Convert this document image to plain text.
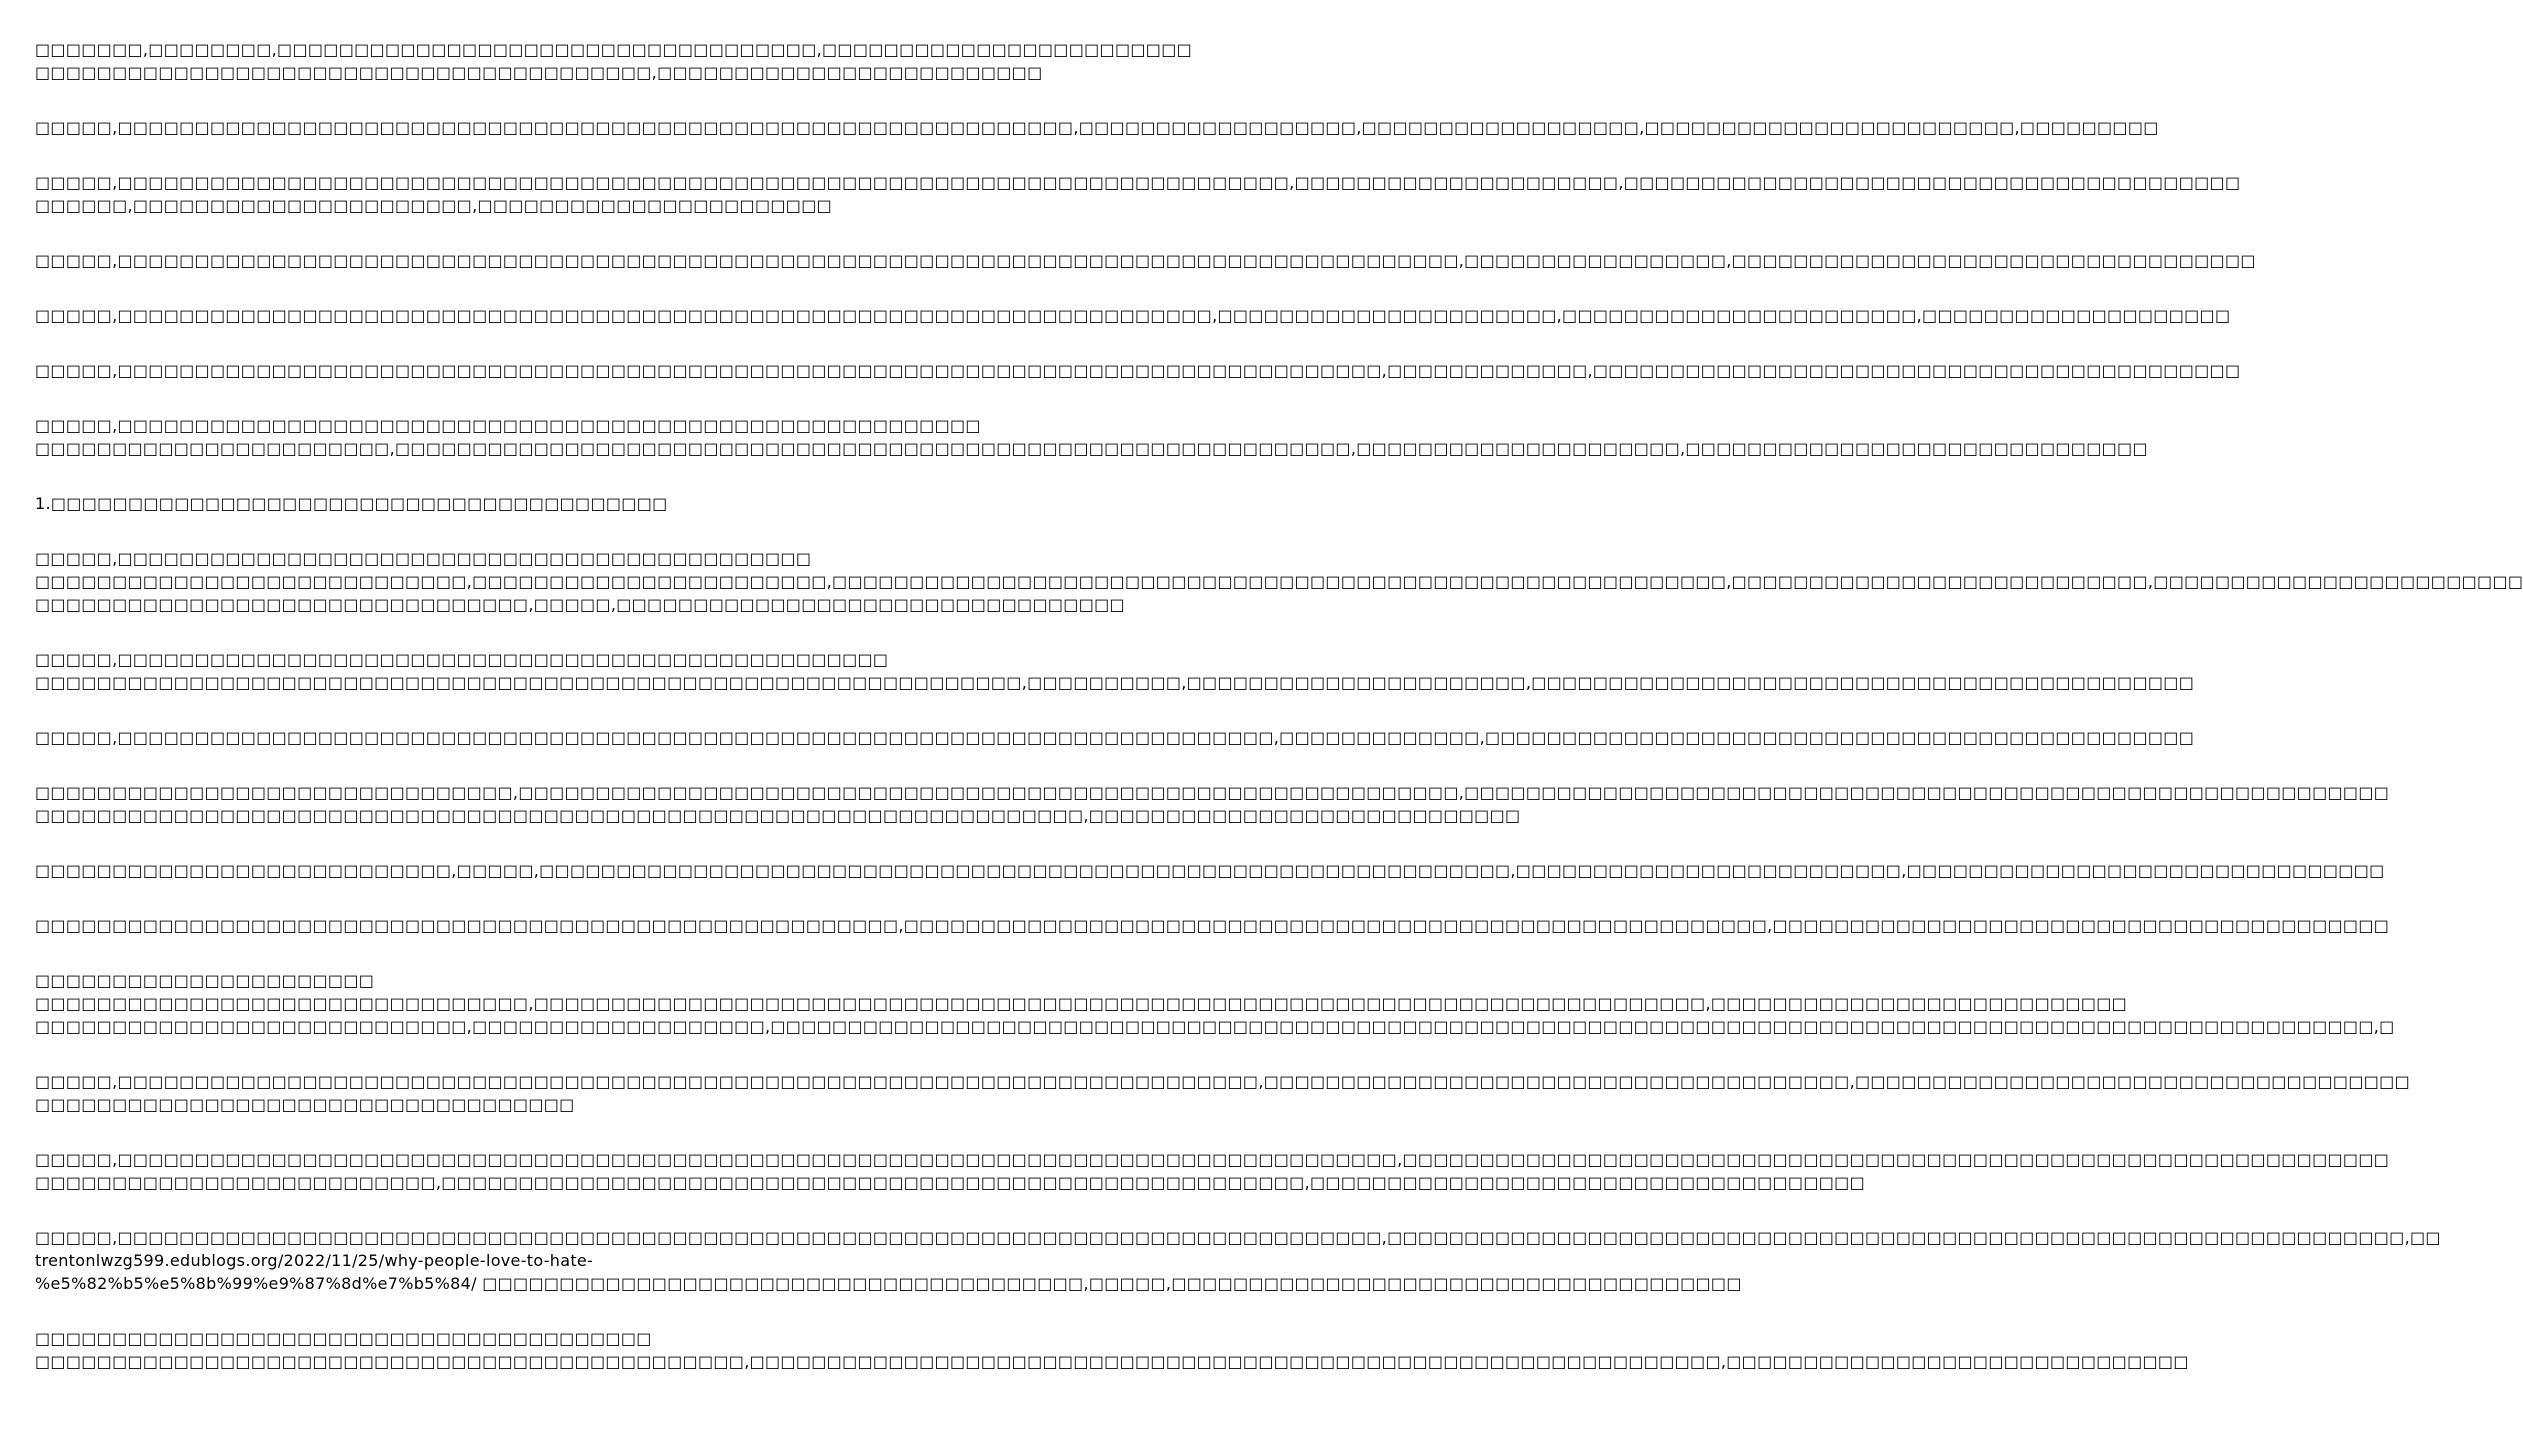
□□□□□□□,□□□□□□□□,□□□□□□□□□□□□□□□□□□□□□□□□□□□□□□□□□□□,□□□□□□□□□□□□□□□□□□□□□□□□
□□□□□□□□□□□□□□□□□□□□□□□□□□□□□□□□□□□□□□□□,□□□□□□□□□□□□□□□□□□□□□□□□□
□□□□□,□□□□□□□□□□□□□□□□□□□□□□□□□□□□□□□□□□□□□□□□□□□□□□□□□□□□□□□□□□□□□□,□□□□□□□□□□□□□□□□□□,□□□□□□□□□□□□□□□□□□,□□□□□□□□□□□□□□□□□□□□□□□□,□□□□□□□□□
□□□□□,□□□□□□□□□□□□□□□□□□□□□□□□□□□□□□□□□□□□□□□□□□□□□□□□□□□□□□□□□□□□□□□□□□□□□□□□□□□□,□□□□□□□□□□□□□□□□□□□□□,□□□□□□□□□□□□□□□□□□□□□□□□□□□□□□□□□□□□□□□□
□□□□□□,□□□□□□□□□□□□□□□□□□□□□□,□□□□□□□□□□□□□□□□□□□□□□□
□□□□□,□□□□□□□□□□□□□□□□□□□□□□□□□□□□□□□□□□□□□□□□□□□□□□□□□□□□□□□□□□□□□□□□□□□□□□□□□□□□□□□□□□□□□□□,□□□□□□□□□□□□□□□□□,□□□□□□□□□□□□□□□□□□□□□□□□□□□□□□□□□□
□□□□□,□□□□□□□□□□□□□□□□□□□□□□□□□□□□□□□□□□□□□□□□□□□□□□□□□□□□□□□□□□□□□□□□□□□□□□□,□□□□□□□□□□□□□□□□□□□□□□,□□□□□□□□□□□□□□□□□□□□□□□,□□□□□□□□□□□□□□□□□□□□
□□□□□,□□□□□□□□□□□□□□□□□□□□□□□□□□□□□□□□□□□□□□□□□□□□□□□□□□□□□□□□□□□□□□□□□□□□□□□□□□□□□□□□□□,□□□□□□□□□□□□□,□□□□□□□□□□□□□□□□□□□□□□□□□□□□□□□□□□□□□□□□□□
□□□□□,□□□□□□□□□□□□□□□□□□□□□□□□□□□□□□□□□□□□□□□□□□□□□□□□□□□□□□□□
□□□□□□□□□□□□□□□□□□□□□□□,□□□□□□□□□□□□□□□□□□□□□□□□□□□□□□□□□□□□□□□□□□□□□□□□□□□□□□□□□□□□□□,□□□□□□□□□□□□□□□□□□□□□,□□□□□□□□□□□□□□□□□□□□□□□□□□□□□□
1.□□□□□□□□□□□□□□□□□□□□□□□□□□□□□□□□□□□□□□□□
□□□□□,□□□□□□□□□□□□□□□□□□□□□□□□□□□□□□□□□□□□□□□□□□□□□
□□□□□□□□□□□□□□□□□□□□□□□□□□□□,□□□□□□□□□□□□□□□□□□□□□□□,□□□□□□□□□□□□□□□□□□□□□□□□□□□□□□□□□□□□□□□□□□□□□□□□□□□□□□□□□□,□□□□□□□□□□□□□□□□□□□□□□□□□□□,□□□□□□□□□□□□□□□□□□□□□□□□
□□□□□□□□□□□□□□□□□□□□□□□□□□□□□□□□,□□□□□,□□□□□□□□□□□□□□□□□□□□□□□□□□□□□□□□□
□□□□□,□□□□□□□□□□□□□□□□□□□□□□□□□□□□□□□□□□□□□□□□□□□□□□□□□□
□□□□□□□□□□□□□□□□□□□□□□□□□□□□□□□□□□□□□□□□□□□□□□□□□□□□□□□□□□□□□□□□,□□□□□□□□□□,□□□□□□□□□□□□□□□□□□□□□□,□□□□□□□□□□□□□□□□□□□□□□□□□□□□□□□□□□□□□□□□□□□
□□□□□,□□□□□□□□□□□□□□□□□□□□□□□□□□□□□□□□□□□□□□□□□□□□□□□□□□□□□□□□□□□□□□□□□□□□□□□□□□□,□□□□□□□□□□□□□,□□□□□□□□□□□□□□□□□□□□□□□□□□□□□□□□□□□□□□□□□□□□□□
□□□□□□□□□□□□□□□□□□□□□□□□□□□□□□□,□□□□□□□□□□□□□□□□□□□□□□□□□□□□□□□□□□□□□□□□□□□□□□□□□□□□□□□□□□□□□,□□□□□□□□□□□□□□□□□□□□□□□□□□□□□□□□□□□□□□□□□□□□□□□□□□□□□□□□□□□□
□□□□□□□□□□□□□□□□□□□□□□□□□□□□□□□□□□□□□□□□□□□□□□□□□□□□□□□□□□□□□□□□□□□□,□□□□□□□□□□□□□□□□□□□□□□□□□□□□
□□□□□□□□□□□□□□□□□□□□□□□□□□□,□□□□□,□□□□□□□□□□□□□□□□□□□□□□□□□□□□□□□□□□□□□□□□□□□□□□□□□□□□□□□□□□□□□□□,□□□□□□□□□□□□□□□□□□□□□□□□□,□□□□□□□□□□□□□□□□□□□□□□□□□□□□□□□
□□□□□□□□□□□□□□□□□□□□□□□□□□□□□□□□□□□□□□□□□□□□□□□□□□□□□□□□,□□□□□□□□□□□□□□□□□□□□□□□□□□□□□□□□□□□□□□□□□□□□□□□□□□□□□□□□,□□□□□□□□□□□□□□□□□□□□□□□□□□□□□□□□□□□□□□□□
□□□□□□□□□□□□□□□□□□□□□□
□□□□□□□□□□□□□□□□□□□□□□□□□□□□□□□□,□□□□□□□□□□□□□□□□□□□□□□□□□□□□□□□□□□□□□□□□□□□□□□□□□□□□□□□□□□□□□□□□□□□□□□□□□□□□,□□□□□□□□□□□□□□□□□□□□□□□□□□□
□□□□□□□□□□□□□□□□□□□□□□□□□□□□,□□□□□□□□□□□□□□□□□□□,□□□□□□□□□□□□□□□□□□□□□□□□□□□□□□□□□□□□□□□□□□□□□□□□□□□□□□□□□□□□□□□□□□□□□□□□□□□□□□□□□□□□□□□□□□□□□□□□□□□□□□□□,□
□□□□□,□□□□□□□□□□□□□□□□□□□□□□□□□□□□□□□□□□□□□□□□□□□□□□□□□□□□□□□□□□□□□□□□□□□□□□□□□□,□□□□□□□□□□□□□□□□□□□□□□□□□□□□□□□□□□□□□□,□□□□□□□□□□□□□□□□□□□□□□□□□□□□□□□□□□□□
□□□□□□□□□□□□□□□□□□□□□□□□□□□□□□□□□□□
□□□□□,□□□□□□□□□□□□□□□□□□□□□□□□□□□□□□□□□□□□□□□□□□□□□□□□□□□□□□□□□□□□□□□□□□□□□□□□□□□□□□□□□□□,□□□□□□□□□□□□□□□□□□□□□□□□□□□□□□□□□□□□□□□□□□□□□□□□□□□□□□□□□□□□□□□□
□□□□□□□□□□□□□□□□□□□□□□□□□□,□□□□□□□□□□□□□□□□□□□□□□□□□□□□□□□□□□□□□□□□□□□□□□□□□□□□□□□□,□□□□□□□□□□□□□□□□□□□□□□□□□□□□□□□□□□□□
□□□□□,□□□□□□□□□□□□□□□□□□□□□□□□□□□□□□□□□□□□□□□□□□□□□□□□□□□□□□□□□□□□□□□□□□□□□□□□□□□□□□□□□□,□□□□□□□□□□□□□□□□□□□□□□□□□□□□□□□□□□□□□□□□□□□□□□□□□□□□□□□□□□□□□□□□□□,□□
trentonlwzg599.edublogs.org/2022/11/25/why-people-love-to-hate-
%e5%82%b5%e5%8b%99%e9%87%8d%e7%b5%84/ □□□□□□□□□□□□□□□□□□□□□□□□□□□□□□□□□□□□□□□,□□□□□,□□□□□□□□□□□□□□□□□□□□□□□□□□□□□□□□□□□□□
□□□□□□□□□□□□□□□□□□□□□□□□□□□□□□□□□□□□□□□□
□□□□□□□□□□□□□□□□□□□□□□□□□□□□□□□□□□□□□□□□□□□□□□,□□□□□□□□□□□□□□□□□□□□□□□□□□□□□□□□□□□□□□□□□□□□□□□□□□□□□□□□□□□□□□□,□□□□□□□□□□□□□□□□□□□□□□□□□□□□□□
